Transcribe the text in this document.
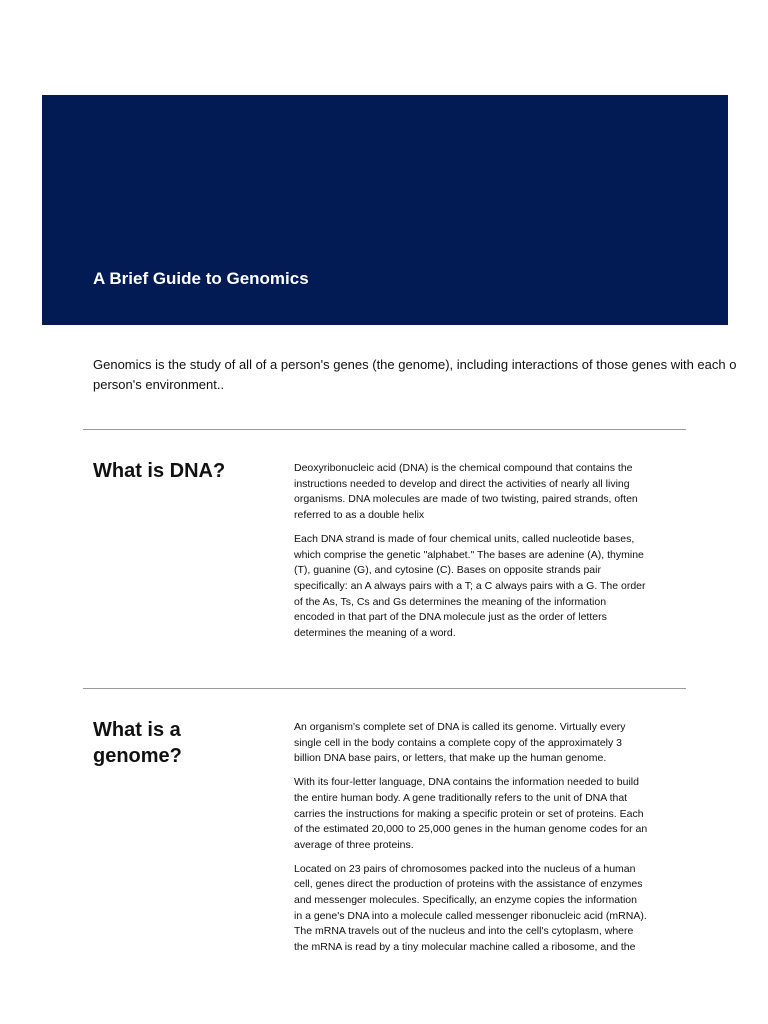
A Brief Guide to Genomics

Genomics is the study of all of a person's genes (the genome), including interactions of those genes with each o
person's environment..

What is DNA?	Deoxyribonucleic acid (DNA) is the chemical compound that contains the
instructions needed to develop and direct the activities of nearly all living
organisms. DNA molecules are made of two twisting, paired strands, often
referred to as a double helix

Each DNA strand is made of four chemical units, called nucleotide bases,
which comprise the genetic "alphabet." The bases are adenine (A), thymine
(T), guanine (G), and cytosine (C). Bases on opposite strands pair
specifically: an A always pairs with a T; a C always pairs with a G. The order
of the As, Ts, Cs and Gs determines the meaning of the information
encoded in that part of the DNA molecule just as the order of letters
determines the meaning of a word.

What is a
genome?

An organism's complete set of DNA is called its genome. Virtually every
single cell in the body contains a complete copy of the approximately 3
billion DNA base pairs, or letters, that make up the human genome.

With its four-letter language, DNA contains the information needed to build
the entire human body. A gene traditionally refers to the unit of DNA that
carries the instructions for making a specific protein or set of proteins. Each
of the estimated 20,000 to 25,000 genes in the human genome codes for an
average of three proteins.

Located on 23 pairs of chromosomes packed into the nucleus of a human
cell, genes direct the production of proteins with the assistance of enzymes
and messenger molecules. Specifically, an enzyme copies the information
in a gene's DNA into a molecule called messenger ribonucleic acid (mRNA).
The mRNA travels out of the nucleus and into the cell's cytoplasm, where
the mRNA is read by a tiny molecular machine called a ribosome, and the
